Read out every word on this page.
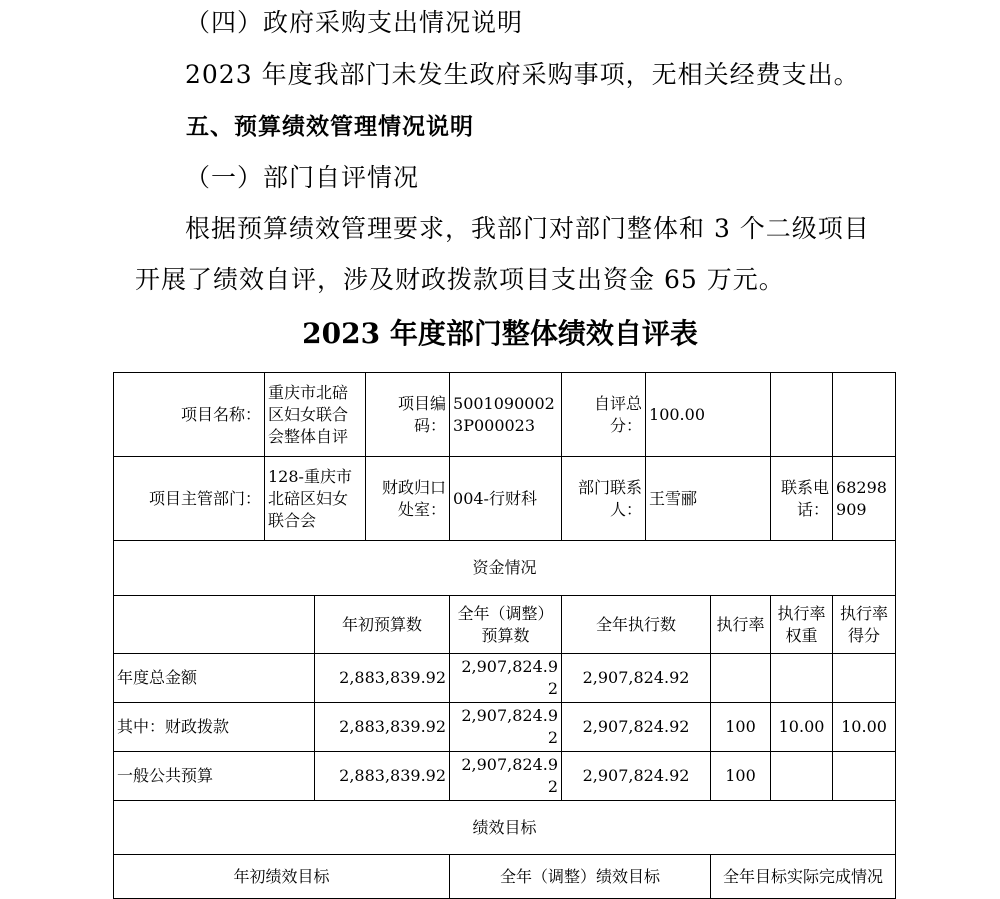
（四）政府采购支出情况说明
2023 年度我部门未发生政府采购事项，无相关经费支出。
五、预算绩效管理情况说明
（一）部门自评情况
根据预算绩效管理要求，我部门对部门整体和 3 个二级项目
开展了绩效自评，涉及财政拨款项目支出资金 65 万元。
2023 年度部门整体绩效自评表
项目名称：	重庆市北碚区妇女联合会整体自评		项目编码：	50010900023P000023	自评总分：	100.00			
项目主管部门：	128-重庆市北碚区妇女联合会		财政归口处室：	004-行财科	部门联系人：	王雪郦		联系电话：	68298909
资金情况									
		年初预算数		全年（调整）预算数	全年执行数		执行率	执行率权重	执行率得分
年度总金额		2,883,839.92		2,907,824.92	2,907,824.92				
其中：财政拨款		2,883,839.92		2,907,824.92	2,907,824.92		100	10.00	10.00
一般公共预算		2,883,839.92		2,907,824.92	2,907,824.92		100		
绩效目标									
年初绩效目标				全年（调整）绩效目标			全年目标实际完成情况		
